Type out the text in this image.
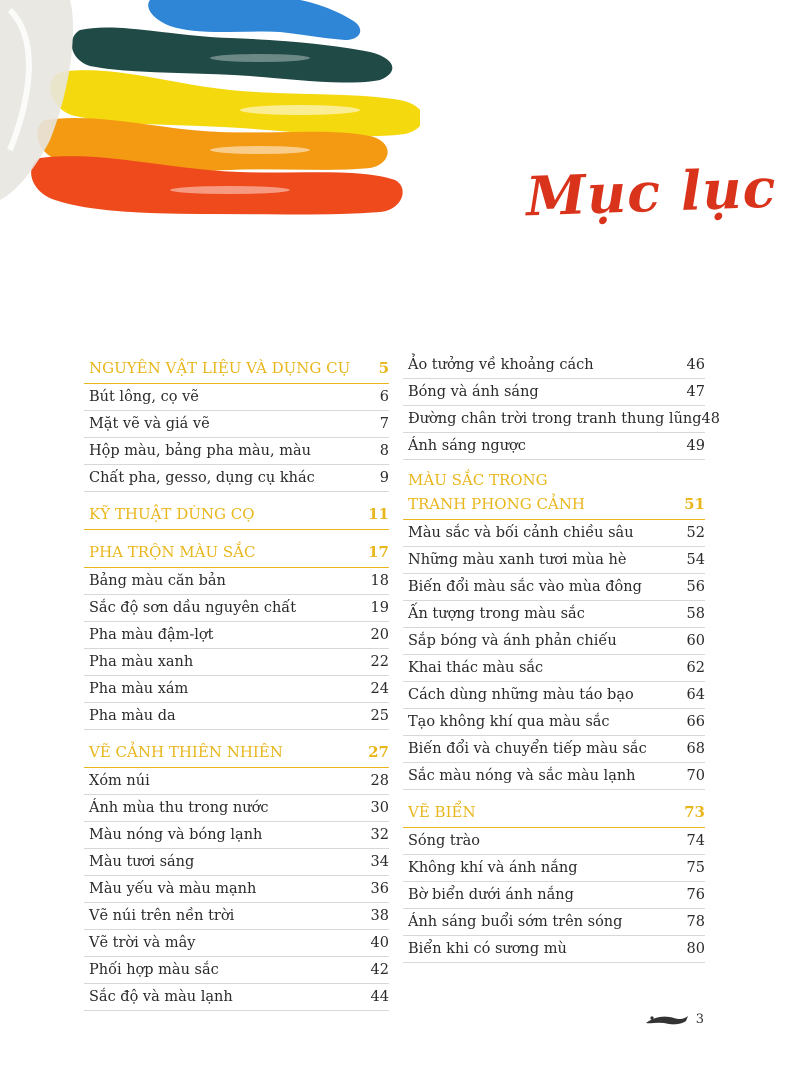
Mục lục
NGUYÊN VẬT LIỆU VÀ DỤNG CỤ 5
Bút lông, cọ vẽ	6
Mặt vẽ và giá vẽ	7
Hộp màu, bảng pha màu, màu	8
Chất pha, gesso, dụng cụ khác	9
KỸ THUẬT DÙNG CỌ	11
PHA TRỘN MÀU SẮC	17
Bảng màu căn bản	18
Sắc độ sơn dầu nguyên chất	19
Pha màu đậm-lợt	20
Pha màu xanh	22
Pha màu xám	24
Pha màu da	25
VẼ CẢNH THIÊN NHIÊN	27
Xóm núi	28
Ánh mùa thu trong nước	30
Màu nóng và bóng lạnh	32
Màu tươi sáng	34
Màu yếu và màu mạnh	36
Vẽ núi trên nền trời	38
Vẽ trời và mây	40
Phối hợp màu sắc	42
Sắc độ và màu lạnh	44
Ảo tưởng về khoảng cách	46
Bóng và ánh sáng	47
Đường chân trời trong tranh thung lũng 48
Ánh sáng ngược	49
MÀU SẮC TRONG
TRANH PHONG CẢNH	51
Màu sắc và bối cảnh chiều sâu	52
Những màu xanh tươi mùa hè	54
Biến đổi màu sắc vào mùa đông	56
Ấn tượng trong màu sắc	58
Sắp bóng và ánh phản chiếu	60
Khai thác màu sắc	62
Cách dùng những màu táo bạo	64
Tạo không khí qua màu sắc	66
Biến đổi và chuyển tiếp màu sắc	68
Sắc màu nóng và sắc màu lạnh	70
VẼ BIỂN	73
Sóng trào	74
Không khí và ánh nắng	75
Bờ biển dưới ánh nắng	76
Ánh sáng buổi sớm trên sóng	78
Biển khi có sương mù	80
3
